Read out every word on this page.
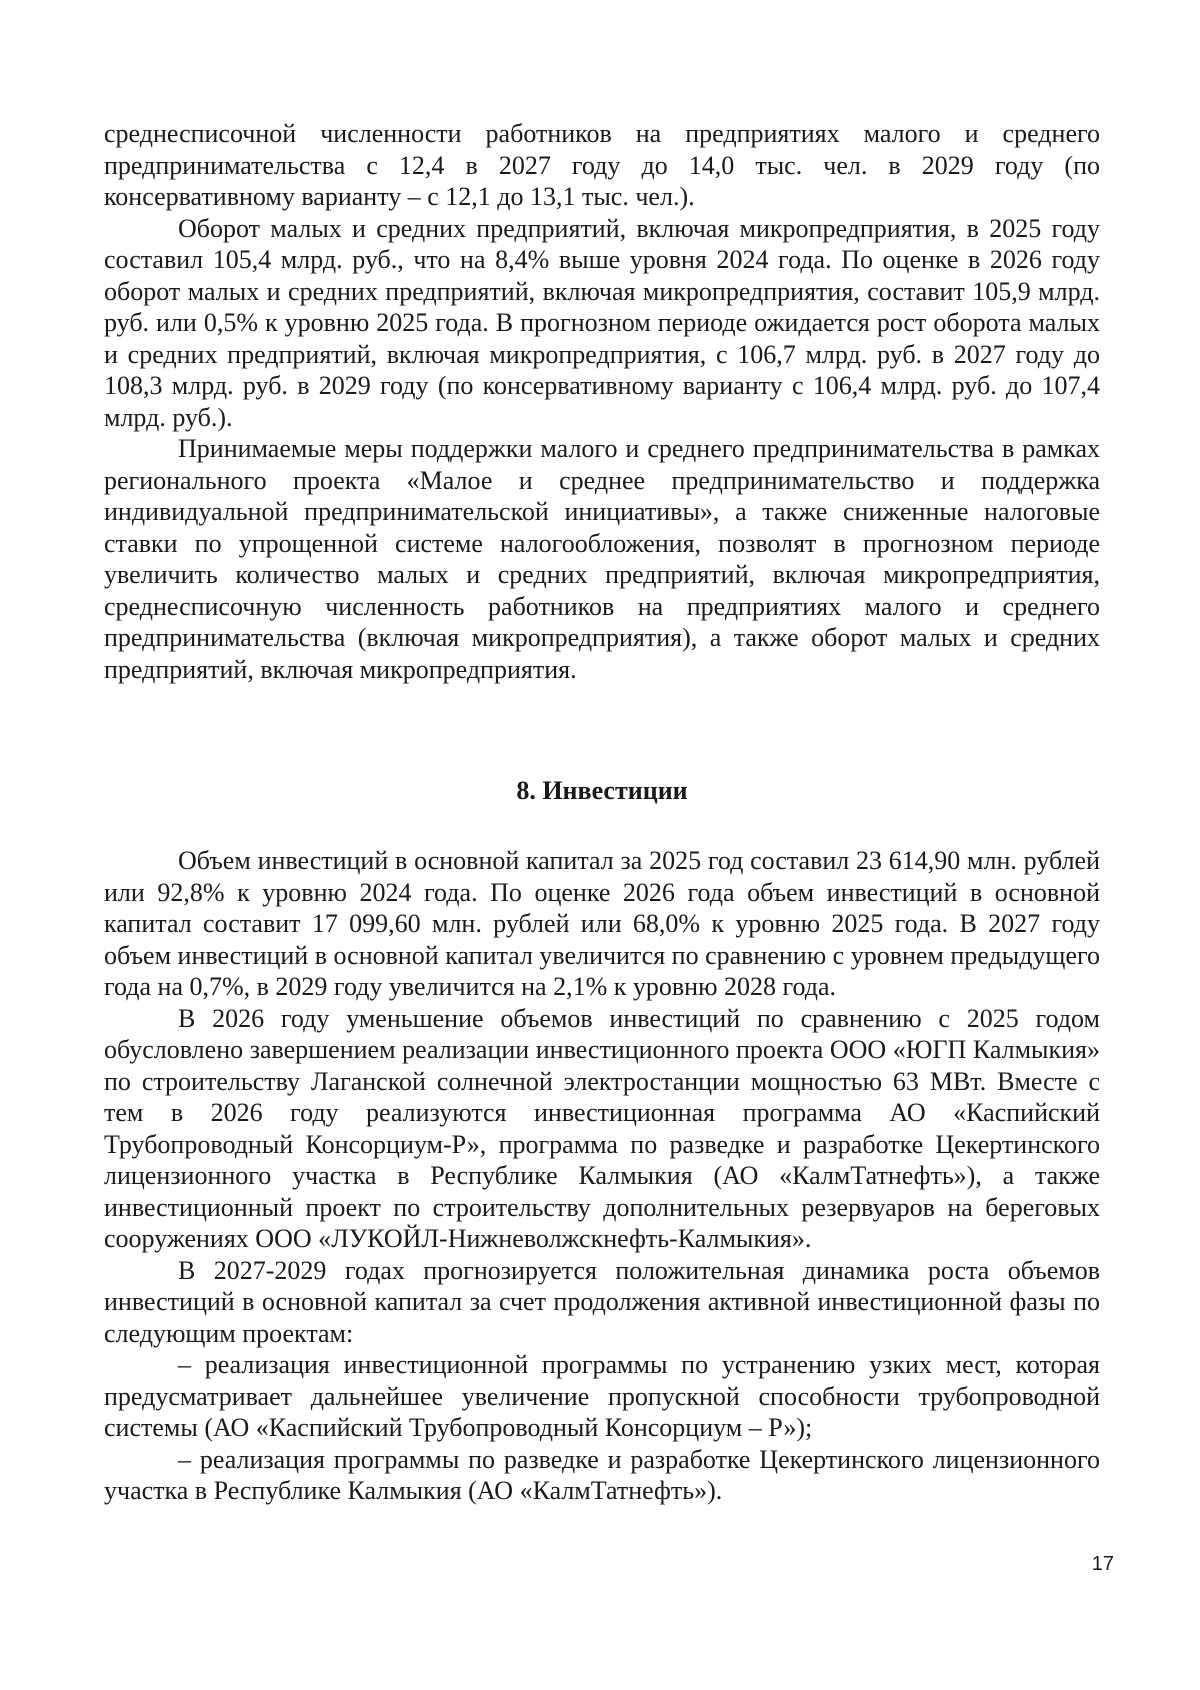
среднесписочной численности работников на предприятиях малого и среднего предпринимательства с 12,4 в 2027 году до 14,0 тыс. чел. в 2029 году (по консервативному варианту – с 12,1 до 13,1 тыс. чел.).

Оборот малых и средних предприятий, включая микропредприятия, в 2025 году составил 105,4 млрд. руб., что на 8,4% выше уровня 2024 года. По оценке в 2026 году оборот малых и средних предприятий, включая микропредприятия, составит 105,9 млрд. руб. или 0,5% к уровню 2025 года. В прогнозном периоде ожидается рост оборота малых и средних предприятий, включая микропредприятия, с 106,7 млрд. руб. в 2027 году до 108,3 млрд. руб. в 2029 году (по консервативному варианту с 106,4 млрд. руб. до 107,4 млрд. руб.).

Принимаемые меры поддержки малого и среднего предпринимательства в рамках регионального проекта «Малое и среднее предпринимательство и поддержка индивидуальной предпринимательской инициативы», а также сниженные налоговые ставки по упрощенной системе налогообложения, позволят в прогнозном периоде увеличить количество малых и средних предприятий, включая микропредприятия, среднесписочную численность работников на предприятиях малого и среднего предпринимательства (включая микропредприятия), а также оборот малых и средних предприятий, включая микропредприятия.

8. Инвестиции

Объем инвестиций в основной капитал за 2025 год составил 23 614,90 млн. рублей или 92,8% к уровню 2024 года. По оценке 2026 года объем инвестиций в основной капитал составит 17 099,60 млн. рублей или 68,0% к уровню 2025 года. В 2027 году объем инвестиций в основной капитал увеличится по сравнению с уровнем предыдущего года на 0,7%, в 2029 году увеличится на 2,1% к уровню 2028 года.

В 2026 году уменьшение объемов инвестиций по сравнению с 2025 годом обусловлено завершением реализации инвестиционного проекта ООО «ЮГП Калмыкия» по строительству Лаганской солнечной электростанции мощностью 63 МВт. Вместе с тем в 2026 году реализуются инвестиционная программа АО «Каспийский Трубопроводный Консорциум-Р», программа по разведке и разработке Цекертинского лицензионного участка в Республике Калмыкия (АО «КалмТатнефть»), а также инвестиционный проект по строительству дополнительных резервуаров на береговых сооружениях ООО «ЛУКОЙЛ-Нижневолжскнефть-Калмыкия».

В 2027-2029 годах прогнозируется положительная динамика роста объемов инвестиций в основной капитал за счет продолжения активной инвестиционной фазы по следующим проектам:

– реализация инвестиционной программы по устранению узких мест, которая предусматривает дальнейшее увеличение пропускной способности трубопроводной системы (АО «Каспийский Трубопроводный Консорциум – Р»);

– реализация программы по разведке и разработке Цекертинского лицензионного участка в Республике Калмыкия (АО «КалмТатнефть»).

17
